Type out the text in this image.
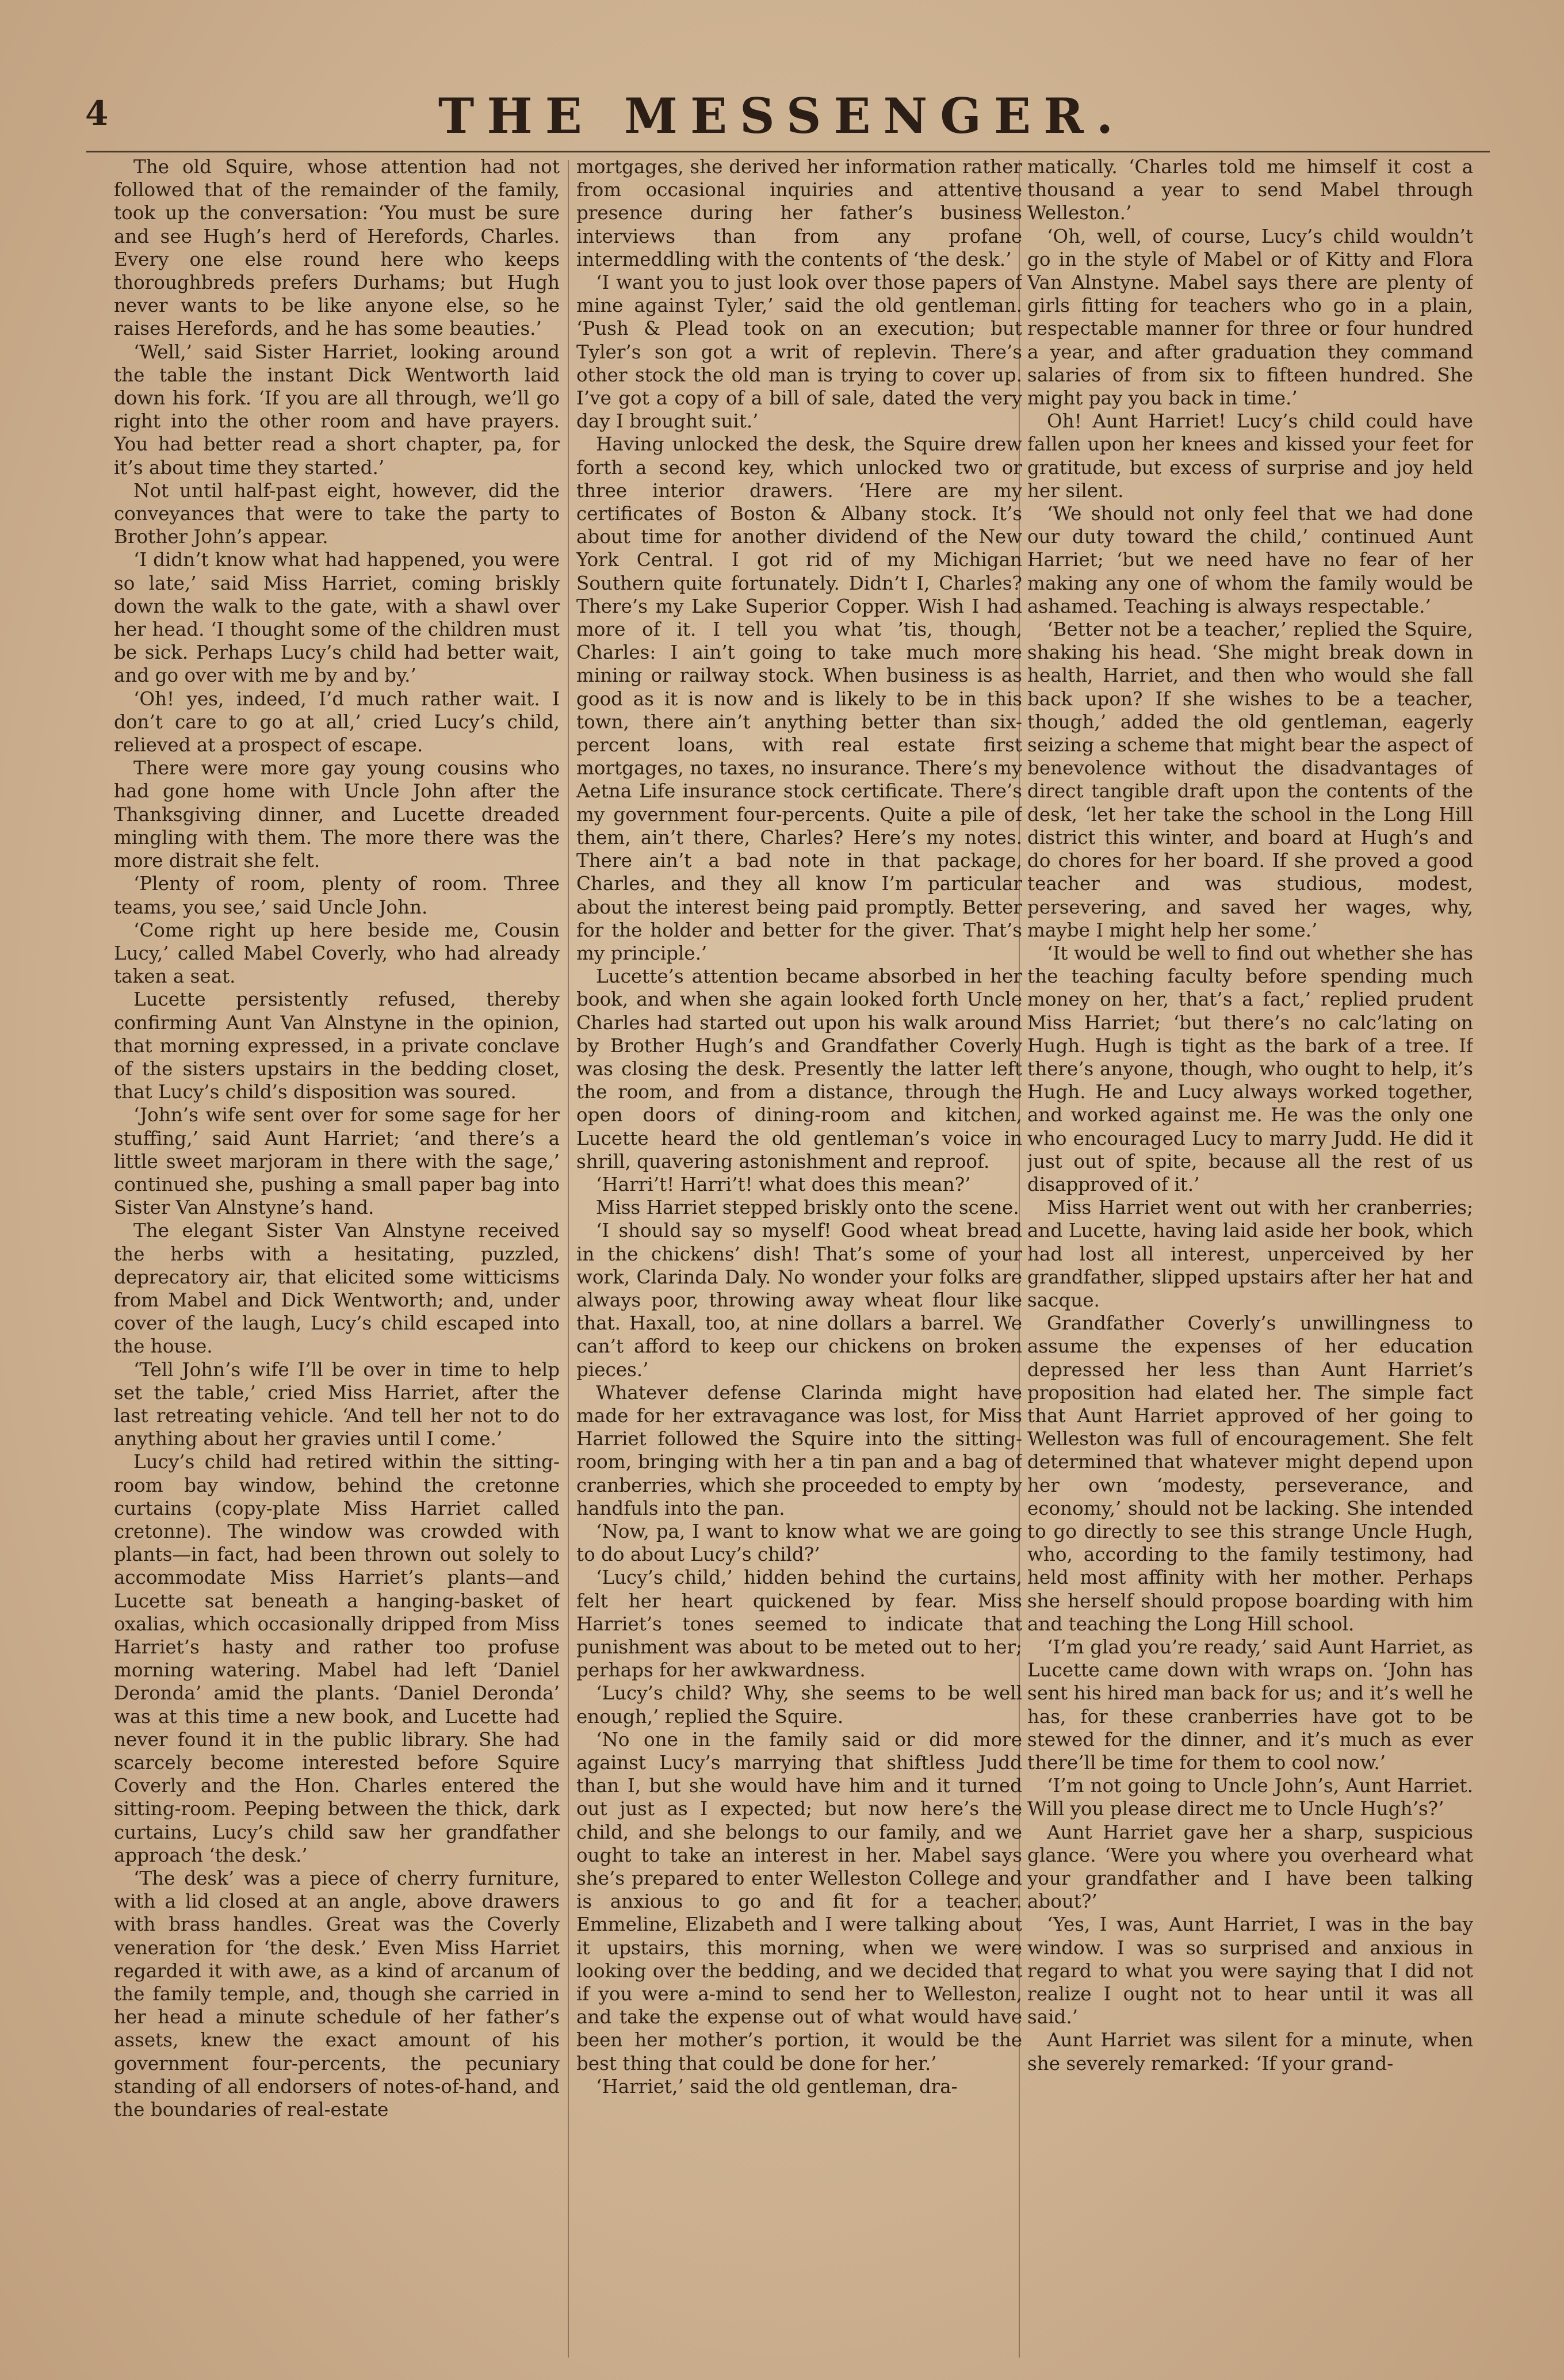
4	THE MESSENGER.

The old Squire, whose attention had not followed that of the remainder of the family, took up the conversation: ‘You must be sure and see Hugh’s herd of Herefords, Charles. Every one else round here who keeps thoroughbreds prefers Durhams; but Hugh never wants to be like anyone else, so he raises Herefords, and he has some beauties.’

‘Well,’ said Sister Harriet, looking around the table the instant Dick Wentworth laid down his fork. ‘If you are all through, we’ll go right into the other room and have prayers. You had better read a short chapter, pa, for it’s about time they started.’

Not until half-past eight, however, did the conveyances that were to take the party to Brother John’s appear.

‘I didn’t know what had happened, you were so late,’ said Miss Harriet, coming briskly down the walk to the gate, with a shawl over her head. ‘I thought some of the children must be sick. Perhaps Lucy’s child had better wait, and go over with me by and by.’

‘Oh! yes, indeed, I’d much rather wait. I don’t care to go at all,’ cried Lucy’s child, relieved at a prospect of escape.

There were more gay young cousins who had gone home with Uncle John after the Thanksgiving dinner, and Lucette dreaded mingling with them. The more there was the more distrait she felt.

‘Plenty of room, plenty of room. Three teams, you see,’ said Uncle John.

‘Come right up here beside me, Cousin Lucy,’ called Mabel Coverly, who had already taken a seat.

Lucette persistently refused, thereby confirming Aunt Van Alnstyne in the opinion, that morning expressed, in a private conclave of the sisters upstairs in the bedding closet, that Lucy’s child’s disposition was soured.

‘John’s wife sent over for some sage for her stuffing,’ said Aunt Harriet; ‘and there’s a little sweet marjoram in there with the sage,’ continued she, pushing a small paper bag into Sister Van Alnstyne’s hand.

The elegant Sister Van Alnstyne received the herbs with a hesitating, puzzled, deprecatory air, that elicited some witticisms from Mabel and Dick Wentworth; and, under cover of the laugh, Lucy’s child escaped into the house.

‘Tell John’s wife I’ll be over in time to help set the table,’ cried Miss Harriet, after the last retreating vehicle. ‘And tell her not to do anything about her gravies until I come.’

Lucy’s child had retired within the sitting-room bay window, behind the cretonne curtains (copy-plate Miss Harriet called cretonne). The window was crowded with plants—in fact, had been thrown out solely to accommodate Miss Harriet’s plants—and Lucette sat beneath a hanging-basket of oxalias, which occasionally dripped from Miss Harriet’s hasty and rather too profuse morning watering. Mabel had left ‘Daniel Deronda’ amid the plants. ‘Daniel Deronda’ was at this time a new book, and Lucette had never found it in the public library. She had scarcely become interested before Squire Coverly and the Hon. Charles entered the sitting-room. Peeping between the thick, dark curtains, Lucy’s child saw her grandfather approach ‘the desk.’

‘The desk’ was a piece of cherry furniture, with a lid closed at an angle, above drawers with brass handles. Great was the Coverly veneration for ‘the desk.’ Even Miss Harriet regarded it with awe, as a kind of arcanum of the family temple, and, though she carried in her head a minute schedule of her father’s assets, knew the exact amount of his government four-percents, the pecuniary standing of all endorsers of notes-of-hand, and the boundaries of real-estate

mortgages, she derived her information rather from occasional inquiries and attentive presence during her father’s business interviews than from any profane intermeddling with the contents of ‘the desk.’

‘I want you to just look over those papers of mine against Tyler,’ said the old gentleman. ‘Push & Plead took on an execution; but Tyler’s son got a writ of replevin. There’s other stock the old man is trying to cover up. I’ve got a copy of a bill of sale, dated the very day I brought suit.’

Having unlocked the desk, the Squire drew forth a second key, which unlocked two or three interior drawers. ‘Here are my certificates of Boston & Albany stock. It’s about time for another dividend of the New York Central. I got rid of my Michigan Southern quite fortunately. Didn’t I, Charles? There’s my Lake Superior Copper. Wish I had more of it. I tell you what ’tis, though, Charles: I ain’t going to take much more mining or railway stock. When business is as good as it is now and is likely to be in this town, there ain’t anything better than six-percent loans, with real estate first mortgages, no taxes, no insurance. There’s my Aetna Life insurance stock certificate. There’s my government four-percents. Quite a pile of them, ain’t there, Charles? Here’s my notes. There ain’t a bad note in that package, Charles, and they all know I’m particular about the interest being paid promptly. Better for the holder and better for the giver. That’s my principle.’

Lucette’s attention became absorbed in her book, and when she again looked forth Uncle Charles had started out upon his walk around by Brother Hugh’s and Grandfather Coverly was closing the desk. Presently the latter left the room, and from a distance, through the open doors of dining-room and kitchen, Lucette heard the old gentleman’s voice in shrill, quavering astonishment and reproof.

‘Harri’t! Harri’t! what does this mean?’

Miss Harriet stepped briskly onto the scene.

‘I should say so myself! Good wheat bread in the chickens’ dish! That’s some of your work, Clarinda Daly. No wonder your folks are always poor, throwing away wheat flour like that. Haxall, too, at nine dollars a barrel. We can’t afford to keep our chickens on broken pieces.’

Whatever defense Clarinda might have made for her extravagance was lost, for Miss Harriet followed the Squire into the sitting-room, bringing with her a tin pan and a bag of cranberries, which she proceeded to empty by handfuls into the pan.

‘Now, pa, I want to know what we are going to do about Lucy’s child?’

‘Lucy’s child,’ hidden behind the curtains, felt her heart quickened by fear. Miss Harriet’s tones seemed to indicate that punishment was about to be meted out to her; perhaps for her awkwardness.

‘Lucy’s child? Why, she seems to be well enough,’ replied the Squire.

‘No one in the family said or did more against Lucy’s marrying that shiftless Judd than I, but she would have him and it turned out just as I expected; but now here’s the child, and she belongs to our family, and we ought to take an interest in her. Mabel says she’s prepared to enter Welleston College and is anxious to go and fit for a teacher. Emmeline, Elizabeth and I were talking about it upstairs, this morning, when we were looking over the bedding, and we decided that if you were a-mind to send her to Welleston, and take the expense out of what would have been her mother’s portion, it would be the best thing that could be done for her.’

‘Harriet,’ said the old gentleman, dra-

matically. ‘Charles told me himself it cost a thousand a year to send Mabel through Welleston.’

‘Oh, well, of course, Lucy’s child wouldn’t go in the style of Mabel or of Kitty and Flora Van Alnstyne. Mabel says there are plenty of girls fitting for teachers who go in a plain, respectable manner for three or four hundred a year, and after graduation they command salaries of from six to fifteen hundred. She might pay you back in time.’

Oh! Aunt Harriet! Lucy’s child could have fallen upon her knees and kissed your feet for gratitude, but excess of surprise and joy held her silent.

‘We should not only feel that we had done our duty toward the child,’ continued Aunt Harriet; ‘but we need have no fear of her making any one of whom the family would be ashamed. Teaching is always respectable.’

‘Better not be a teacher,’ replied the Squire, shaking his head. ‘She might break down in health, Harriet, and then who would she fall back upon? If she wishes to be a teacher, though,’ added the old gentleman, eagerly seizing a scheme that might bear the aspect of benevolence without the disadvantages of direct tangible draft upon the contents of the desk, ‘let her take the school in the Long Hill district this winter, and board at Hugh’s and do chores for her board. If she proved a good teacher and was studious, modest, persevering, and saved her wages, why, maybe I might help her some.’

‘It would be well to find out whether she has the teaching faculty before spending much money on her, that’s a fact,’ replied prudent Miss Harriet; ‘but there’s no calc’lating on Hugh. Hugh is tight as the bark of a tree. If there’s anyone, though, who ought to help, it’s Hugh. He and Lucy always worked together, and worked against me. He was the only one who encouraged Lucy to marry Judd. He did it just out of spite, because all the rest of us disapproved of it.’

Miss Harriet went out with her cranberries; and Lucette, having laid aside her book, which had lost all interest, unperceived by her grandfather, slipped upstairs after her hat and sacque.

Grandfather Coverly’s unwillingness to assume the expenses of her education depressed her less than Aunt Harriet’s proposition had elated her. The simple fact that Aunt Harriet approved of her going to Welleston was full of encouragement. She felt determined that whatever might depend upon her own ‘modesty, perseverance, and economy,’ should not be lacking. She intended to go directly to see this strange Uncle Hugh, who, according to the family testimony, had held most affinity with her mother. Perhaps she herself should propose boarding with him and teaching the Long Hill school.

‘I’m glad you’re ready,’ said Aunt Harriet, as Lucette came down with wraps on. ‘John has sent his hired man back for us; and it’s well he has, for these cranberries have got to be stewed for the dinner, and it’s much as ever there’ll be time for them to cool now.’

‘I’m not going to Uncle John’s, Aunt Harriet. Will you please direct me to Uncle Hugh’s?’

Aunt Harriet gave her a sharp, suspicious glance. ‘Were you where you overheard what your grandfather and I have been talking about?’

‘Yes, I was, Aunt Harriet, I was in the bay window. I was so surprised and anxious in regard to what you were saying that I did not realize I ought not to hear until it was all said.’

Aunt Harriet was silent for a minute, when she severely remarked: ‘If your grand-
